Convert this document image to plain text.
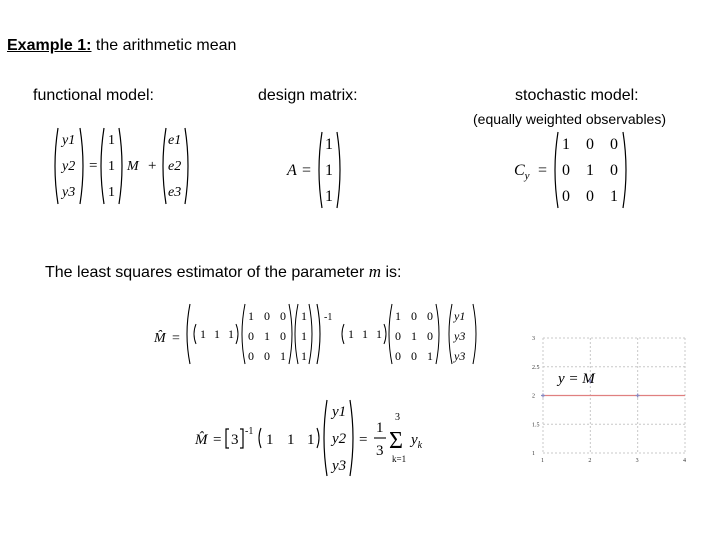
Example 1: the arithmetic mean
functional model:	design matrix:	stochastic model:
(equally weighted observables)
y1
y2
y3
=
1
1
1
M +
e1
e2
e3
A =
1
1
1
$C_y$ =
1 0 0
0 1 0
0 0 1
The least squares estimator of the parameter m is:
M̂ = 1 1 1
1 0 0
0 1 0
0 0 1
1
1
1
-1
1 1 1
1 0 0
0 1 0
0 0 1
y1
y3
y3
M̂ = 3
-1
1 1 1
y1
y2
y3
=
1
3
3
Σ
k=1
$y_k$
1	2	3	4
1
1.5
2
2.5
3
y = M
